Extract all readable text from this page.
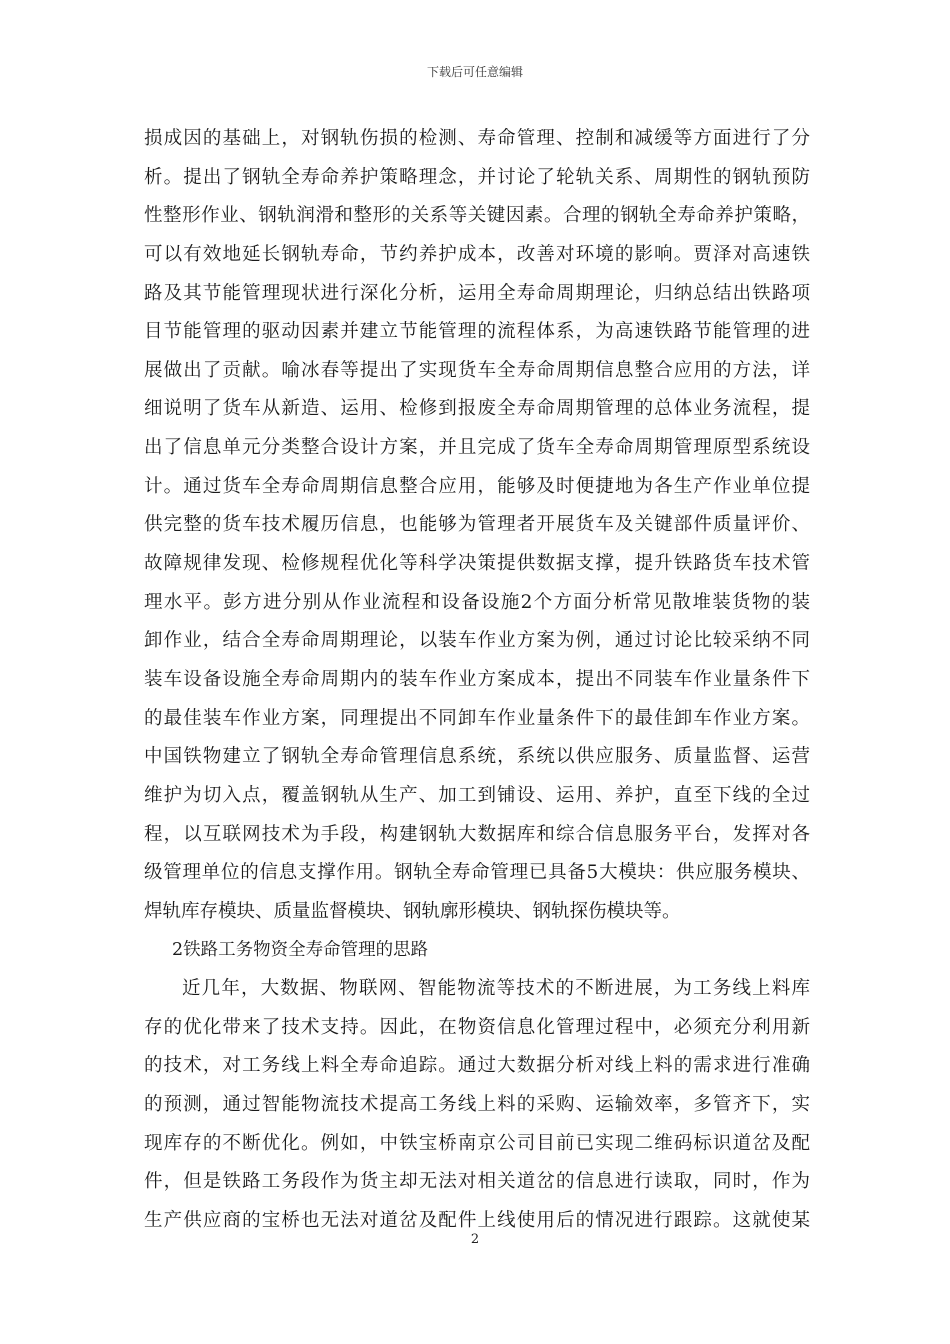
下载后可任意编辑
损成因的基础上，对钢轨伤损的检测、寿命管理、控制和减缓等方面进行了分
析。提出了钢轨全寿命养护策略理念，并讨论了轮轨关系、周期性的钢轨预防
性整形作业、钢轨润滑和整形的关系等关键因素。合理的钢轨全寿命养护策略，
可以有效地延长钢轨寿命，节约养护成本，改善对环境的影响。贾泽对高速铁
路及其节能管理现状进行深化分析，运用全寿命周期理论，归纳总结出铁路项
目节能管理的驱动因素并建立节能管理的流程体系，为高速铁路节能管理的进
展做出了贡献。喻冰春等提出了实现货车全寿命周期信息整合应用的方法，详
细说明了货车从新造、运用、检修到报废全寿命周期管理的总体业务流程，提
出了信息单元分类整合设计方案，并且完成了货车全寿命周期管理原型系统设
计。通过货车全寿命周期信息整合应用，能够及时便捷地为各生产作业单位提
供完整的货车技术履历信息，也能够为管理者开展货车及关键部件质量评价、
故障规律发现、检修规程优化等科学决策提供数据支撑，提升铁路货车技术管
理水平。彭方进分别从作业流程和设备设施2个方面分析常见散堆装货物的装
卸作业，结合全寿命周期理论，以装车作业方案为例，通过讨论比较采纳不同
装车设备设施全寿命周期内的装车作业方案成本，提出不同装车作业量条件下
的最佳装车作业方案，同理提出不同卸车作业量条件下的最佳卸车作业方案。
中国铁物建立了钢轨全寿命管理信息系统，系统以供应服务、质量监督、运营
维护为切入点，覆盖钢轨从生产、加工到铺设、运用、养护，直至下线的全过
程，以互联网技术为手段，构建钢轨大数据库和综合信息服务平台，发挥对各
级管理单位的信息支撑作用。钢轨全寿命管理已具备5大模块：供应服务模块、
焊轨库存模块、质量监督模块、钢轨廓形模块、钢轨探伤模块等。
2铁路工务物资全寿命管理的思路
近几年，大数据、物联网、智能物流等技术的不断进展，为工务线上料库
存的优化带来了技术支持。因此，在物资信息化管理过程中，必须充分利用新
的技术，对工务线上料全寿命追踪。通过大数据分析对线上料的需求进行准确
的预测，通过智能物流技术提高工务线上料的采购、运输效率，多管齐下，实
现库存的不断优化。例如，中铁宝桥南京公司目前已实现二维码标识道岔及配
件，但是铁路工务段作为货主却无法对相关道岔的信息进行读取，同时，作为
生产供应商的宝桥也无法对道岔及配件上线使用后的情况进行跟踪。这就使某
2
